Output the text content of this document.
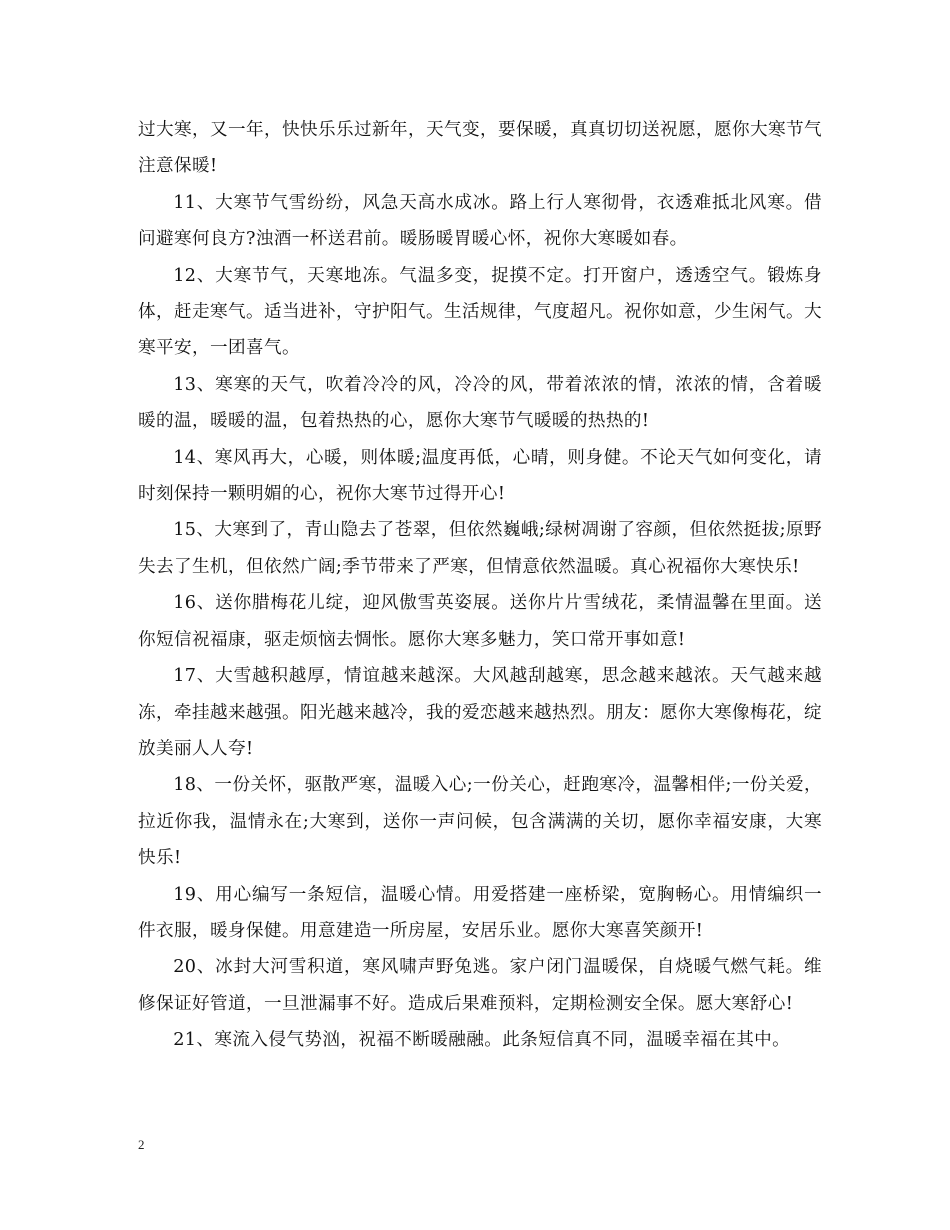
过大寒，又一年，快快乐乐过新年，天气变，要保暖，真真切切送祝愿，愿你大寒节气注意保暖!

11、大寒节气雪纷纷，风急天高水成冰。路上行人寒彻骨，衣透难抵北风寒。借问避寒何良方?浊酒一杯送君前。暖肠暖胃暖心怀，祝你大寒暖如春。

12、大寒节气，天寒地冻。气温多变，捉摸不定。打开窗户，透透空气。锻炼身体，赶走寒气。适当进补，守护阳气。生活规律，气度超凡。祝你如意，少生闲气。大寒平安，一团喜气。

13、寒寒的天气，吹着冷冷的风，冷冷的风，带着浓浓的情，浓浓的情，含着暖暖的温，暖暖的温，包着热热的心，愿你大寒节气暖暖的热热的!

14、寒风再大，心暖，则体暖;温度再低，心晴，则身健。不论天气如何变化，请时刻保持一颗明媚的心，祝你大寒节过得开心!

15、大寒到了，青山隐去了苍翠，但依然巍峨;绿树凋谢了容颜，但依然挺拔;原野失去了生机，但依然广阔;季节带来了严寒，但情意依然温暖。真心祝福你大寒快乐!

16、送你腊梅花儿绽，迎风傲雪英姿展。送你片片雪绒花，柔情温馨在里面。送你短信祝福康，驱走烦恼去惆怅。愿你大寒多魅力，笑口常开事如意!

17、大雪越积越厚，情谊越来越深。大风越刮越寒，思念越来越浓。天气越来越冻，牵挂越来越强。阳光越来越冷，我的爱恋越来越热烈。朋友：愿你大寒像梅花，绽放美丽人人夸!

18、一份关怀，驱散严寒，温暖入心;一份关心，赶跑寒冷，温馨相伴;一份关爱，拉近你我，温情永在;大寒到，送你一声问候，包含满满的关切，愿你幸福安康，大寒快乐!

19、用心编写一条短信，温暖心情。用爱搭建一座桥梁，宽胸畅心。用情编织一件衣服，暖身保健。用意建造一所房屋，安居乐业。愿你大寒喜笑颜开!

20、冰封大河雪积道，寒风啸声野兔逃。家户闭门温暖保，自烧暖气燃气耗。维修保证好管道，一旦泄漏事不好。造成后果难预料，定期检测安全保。愿大寒舒心!

21、寒流入侵气势汹，祝福不断暖融融。此条短信真不同，温暖幸福在其中。

2
